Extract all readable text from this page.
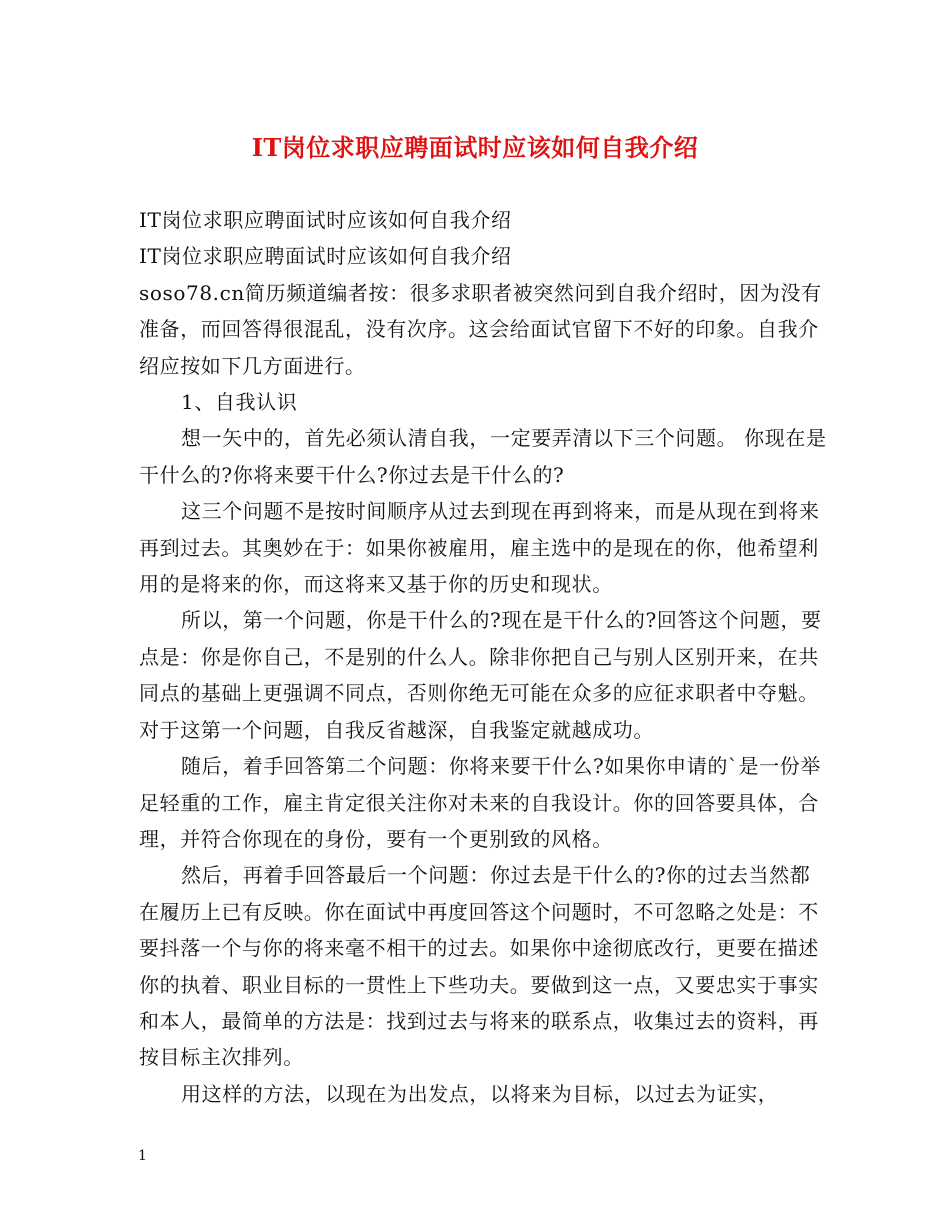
IT岗位求职应聘面试时应该如何自我介绍

IT岗位求职应聘面试时应该如何自我介绍

IT岗位求职应聘面试时应该如何自我介绍

soso78.cn简历频道编者按：很多求职者被突然问到自我介绍时，因为没有准备，而回答得很混乱，没有次序。这会给面试官留下不好的印象。自我介绍应按如下几方面进行。

1、自我认识

想一矢中的，首先必须认清自我，一定要弄清以下三个问题。 你现在是干什么的?你将来要干什么?你过去是干什么的?

这三个问题不是按时间顺序从过去到现在再到将来，而是从现在到将来再到过去。其奥妙在于：如果你被雇用，雇主选中的是现在的你，他希望利用的是将来的你，而这将来又基于你的历史和现状。

所以，第一个问题，你是干什么的?现在是干什么的?回答这个问题，要点是：你是你自己，不是别的什么人。除非你把自己与别人区别开来，在共同点的基础上更强调不同点，否则你绝无可能在众多的应征求职者中夺魁。 对于这第一个问题，自我反省越深，自我鉴定就越成功。

随后，着手回答第二个问题：你将来要干什么?如果你申请的`是一份举足轻重的工作，雇主肯定很关注你对未来的自我设计。你的回答要具体，合理，并符合你现在的身份，要有一个更别致的风格。

然后，再着手回答最后一个问题：你过去是干什么的?你的过去当然都在履历上已有反映。你在面试中再度回答这个问题时，不可忽略之处是：不要抖落一个与你的将来毫不相干的过去。如果你中途彻底改行，更要在描述你的执着、职业目标的一贯性上下些功夫。要做到这一点，又要忠实于事实和本人，最简单的方法是：找到过去与将来的联系点，收集过去的资料，再按目标主次排列。

用这样的方法，以现在为出发点，以将来为目标，以过去为证实，

1
